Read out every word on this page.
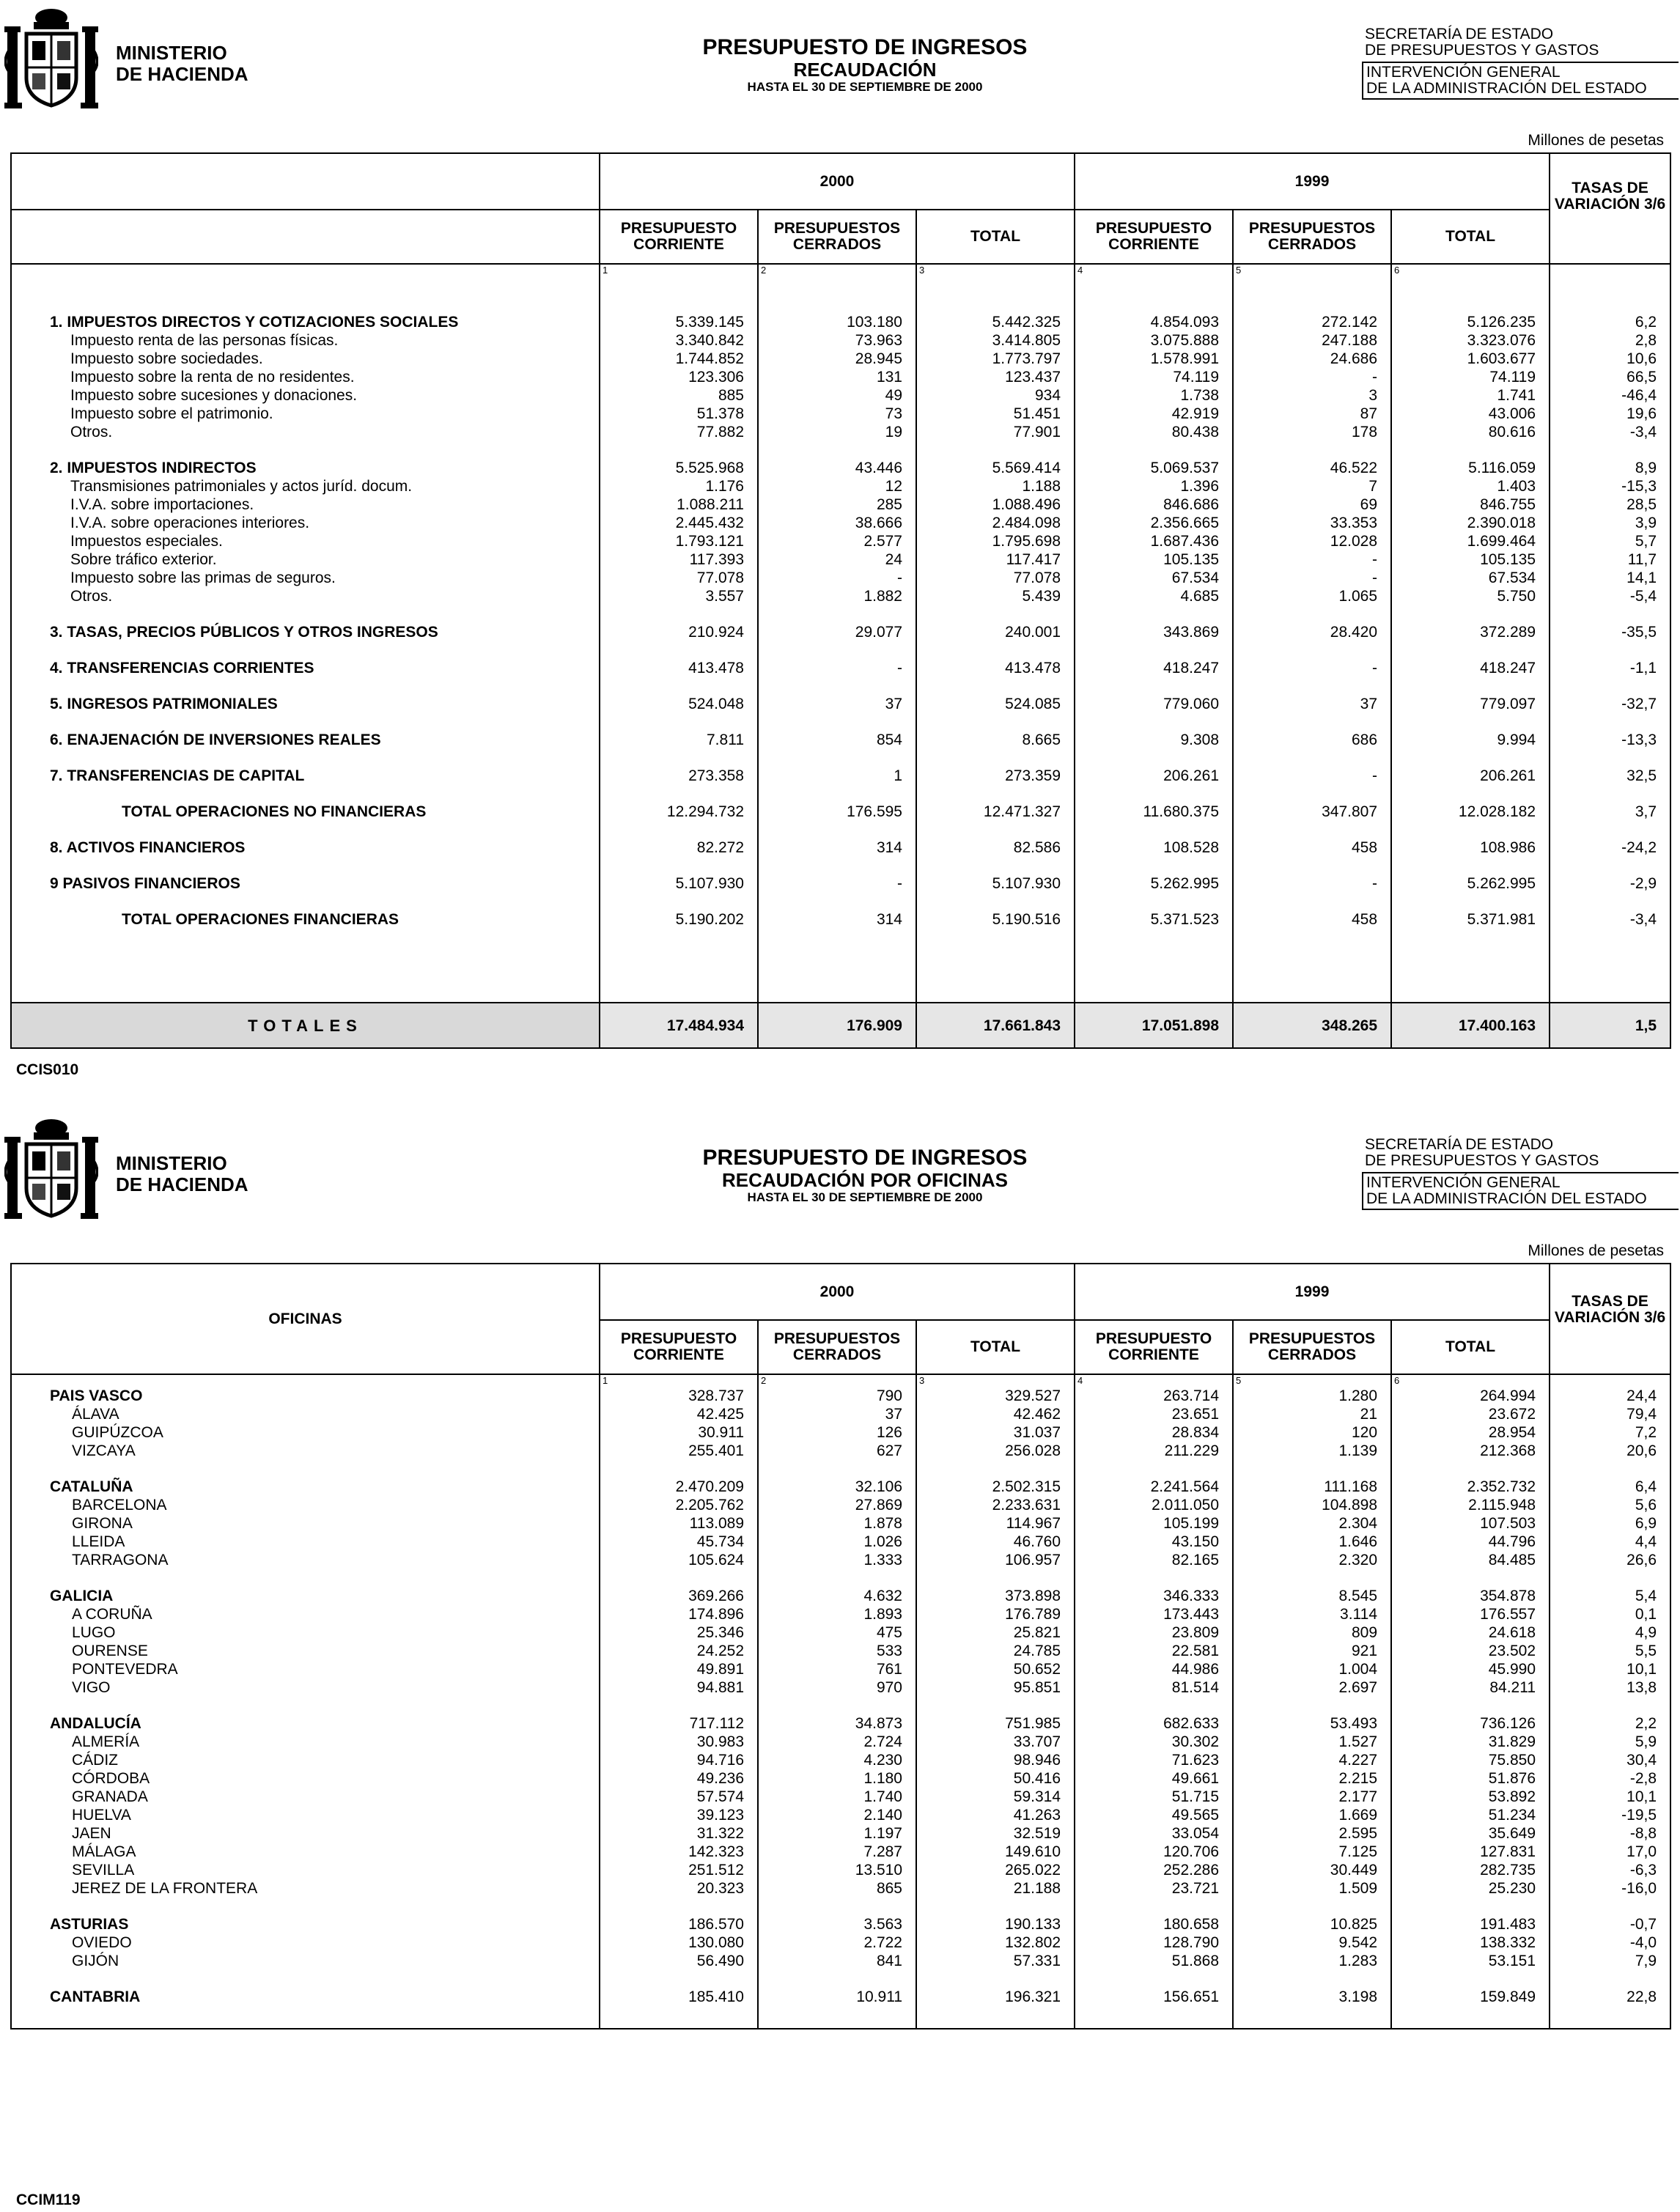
MINISTERIO
DE HACIENDA
PRESUPUESTO DE INGRESOS
RECAUDACIÓN
HASTA EL 30 DE SEPTIEMBRE DE 2000
SECRETARÍA DE ESTADO
DE PRESUPUESTOS Y GASTOS
INTERVENCIÓN GENERAL
DE LA ADMINISTRACIÓN DEL ESTADO
Millones de pesetas
	2000			1999			TASAS DE VARIACIÓN 3/6
	PRESUPUESTO CORRIENTE	PRESUPUESTOS CERRADOS	TOTAL	PRESUPUESTO CORRIENTE	PRESUPUESTOS CERRADOS	TOTAL	
	1	2	3	4	5	6	

1. IMPUESTOS DIRECTOS Y COTIZACIONES SOCIALES	5.339.145	103.180	5.442.325	4.854.093	272.142	5.126.235	6,2
Impuesto renta de las personas físicas.	3.340.842	73.963	3.414.805	3.075.888	247.188	3.323.076	2,8
Impuesto sobre sociedades.	1.744.852	28.945	1.773.797	1.578.991	24.686	1.603.677	10,6
Impuesto sobre la renta de no residentes.	123.306	131	123.437	74.119	-	74.119	66,5
Impuesto sobre sucesiones y donaciones.	885	49	934	1.738	3	1.741	-46,4
Impuesto sobre el patrimonio.	51.378	73	51.451	42.919	87	43.006	19,6
Otros.	77.882	19	77.901	80.438	178	80.616	-3,4

2. IMPUESTOS INDIRECTOS	5.525.968	43.446	5.569.414	5.069.537	46.522	5.116.059	8,9
Transmisiones patrimoniales y actos juríd. docum.	1.176	12	1.188	1.396	7	1.403	-15,3
I.V.A. sobre importaciones.	1.088.211	285	1.088.496	846.686	69	846.755	28,5
I.V.A. sobre operaciones interiores.	2.445.432	38.666	2.484.098	2.356.665	33.353	2.390.018	3,9
Impuestos especiales.	1.793.121	2.577	1.795.698	1.687.436	12.028	1.699.464	5,7
Sobre tráfico exterior.	117.393	24	117.417	105.135	-	105.135	11,7
Impuesto sobre las primas de seguros.	77.078	-	77.078	67.534	-	67.534	14,1
Otros.	3.557	1.882	5.439	4.685	1.065	5.750	-5,4

3. TASAS, PRECIOS PÚBLICOS Y OTROS INGRESOS	210.924	29.077	240.001	343.869	28.420	372.289	-35,5

4. TRANSFERENCIAS CORRIENTES	413.478	-	413.478	418.247	-	418.247	-1,1

5. INGRESOS PATRIMONIALES	524.048	37	524.085	779.060	37	779.097	-32,7

6. ENAJENACIÓN DE INVERSIONES REALES	7.811	854	8.665	9.308	686	9.994	-13,3

7. TRANSFERENCIAS DE CAPITAL	273.358	1	273.359	206.261	-	206.261	32,5

TOTAL OPERACIONES NO FINANCIERAS	12.294.732	176.595	12.471.327	11.680.375	347.807	12.028.182	3,7

8. ACTIVOS FINANCIEROS	82.272	314	82.586	108.528	458	108.986	-24,2

9 PASIVOS FINANCIEROS	5.107.930	-	5.107.930	5.262.995	-	5.262.995	-2,9

TOTAL OPERACIONES FINANCIERAS	5.190.202	314	5.190.516	5.371.523	458	5.371.981	-3,4

TOTALES	17.484.934	176.909	17.661.843	17.051.898	348.265	17.400.163	1,5
CCIS010
MINISTERIO
DE HACIENDA
PRESUPUESTO DE INGRESOS
RECAUDACIÓN POR OFICINAS
HASTA EL 30 DE SEPTIEMBRE DE 2000
SECRETARÍA DE ESTADO
DE PRESUPUESTOS Y GASTOS
INTERVENCIÓN GENERAL
DE LA ADMINISTRACIÓN DEL ESTADO
Millones de pesetas
OFICINAS	2000			1999			TASAS DE VARIACIÓN 3/6
	PRESUPUESTO CORRIENTE	PRESUPUESTOS CERRADOS	TOTAL	PRESUPUESTO CORRIENTE	PRESUPUESTOS CERRADOS	TOTAL	
	1	2	3	4	5	6	
PAIS VASCO	328.737	790	329.527	263.714	1.280	264.994	24,4
ÁLAVA	42.425	37	42.462	23.651	21	23.672	79,4
GUIPÚZCOA	30.911	126	31.037	28.834	120	28.954	7,2
VIZCAYA	255.401	627	256.028	211.229	1.139	212.368	20,6

CATALUÑA	2.470.209	32.106	2.502.315	2.241.564	111.168	2.352.732	6,4
BARCELONA	2.205.762	27.869	2.233.631	2.011.050	104.898	2.115.948	5,6
GIRONA	113.089	1.878	114.967	105.199	2.304	107.503	6,9
LLEIDA	45.734	1.026	46.760	43.150	1.646	44.796	4,4
TARRAGONA	105.624	1.333	106.957	82.165	2.320	84.485	26,6

GALICIA	369.266	4.632	373.898	346.333	8.545	354.878	5,4
A CORUÑA	174.896	1.893	176.789	173.443	3.114	176.557	0,1
LUGO	25.346	475	25.821	23.809	809	24.618	4,9
OURENSE	24.252	533	24.785	22.581	921	23.502	5,5
PONTEVEDRA	49.891	761	50.652	44.986	1.004	45.990	10,1
VIGO	94.881	970	95.851	81.514	2.697	84.211	13,8

ANDALUCÍA	717.112	34.873	751.985	682.633	53.493	736.126	2,2
ALMERÍA	30.983	2.724	33.707	30.302	1.527	31.829	5,9
CÁDIZ	94.716	4.230	98.946	71.623	4.227	75.850	30,4
CÓRDOBA	49.236	1.180	50.416	49.661	2.215	51.876	-2,8
GRANADA	57.574	1.740	59.314	51.715	2.177	53.892	10,1
HUELVA	39.123	2.140	41.263	49.565	1.669	51.234	-19,5
JAEN	31.322	1.197	32.519	33.054	2.595	35.649	-8,8
MÁLAGA	142.323	7.287	149.610	120.706	7.125	127.831	17,0
SEVILLA	251.512	13.510	265.022	252.286	30.449	282.735	-6,3
JEREZ DE LA FRONTERA	20.323	865	21.188	23.721	1.509	25.230	-16,0

ASTURIAS	186.570	3.563	190.133	180.658	10.825	191.483	-0,7
OVIEDO	130.080	2.722	132.802	128.790	9.542	138.332	-4,0
GIJÓN	56.490	841	57.331	51.868	1.283	53.151	7,9

CANTABRIA	185.410	10.911	196.321	156.651	3.198	159.849	22,8

CCIM119
